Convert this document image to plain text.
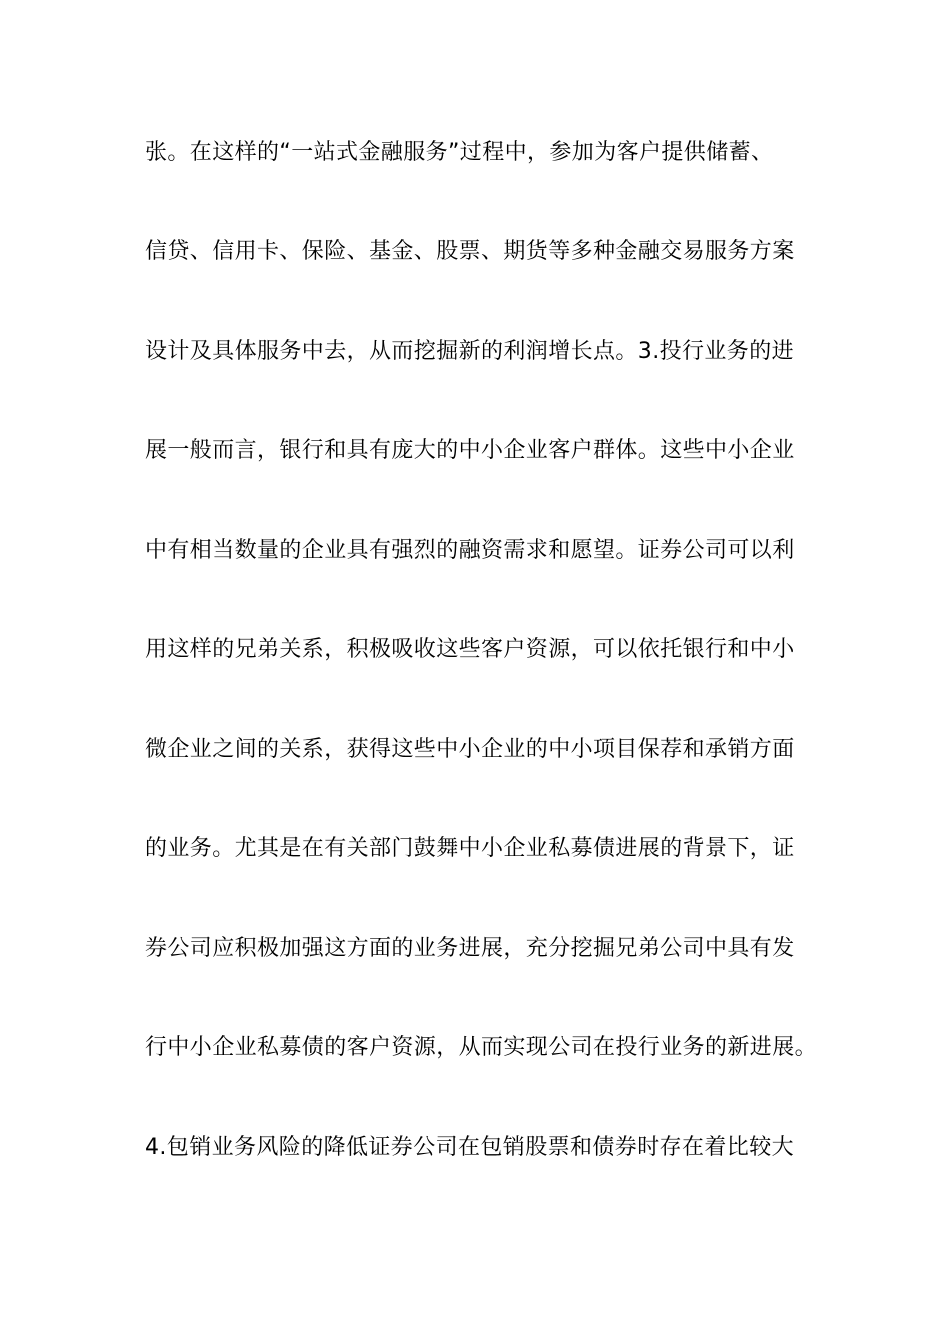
张。在这样的“一站式金融服务”过程中，参加为客户提供储蓄、
信贷、信用卡、保险、基金、股票、期货等多种金融交易服务方案
设计及具体服务中去，从而挖掘新的利润增长点。3.投行业务的进
展一般而言，银行和具有庞大的中小企业客户群体。这些中小企业
中有相当数量的企业具有强烈的融资需求和愿望。证券公司可以利
用这样的兄弟关系，积极吸收这些客户资源，可以依托银行和中小
微企业之间的关系，获得这些中小企业的中小项目保荐和承销方面
的业务。尤其是在有关部门鼓舞中小企业私募债进展的背景下，证
券公司应积极加强这方面的业务进展，充分挖掘兄弟公司中具有发
行中小企业私募债的客户资源，从而实现公司在投行业务的新进展。
4.包销业务风险的降低证券公司在包销股票和债券时存在着比较大
